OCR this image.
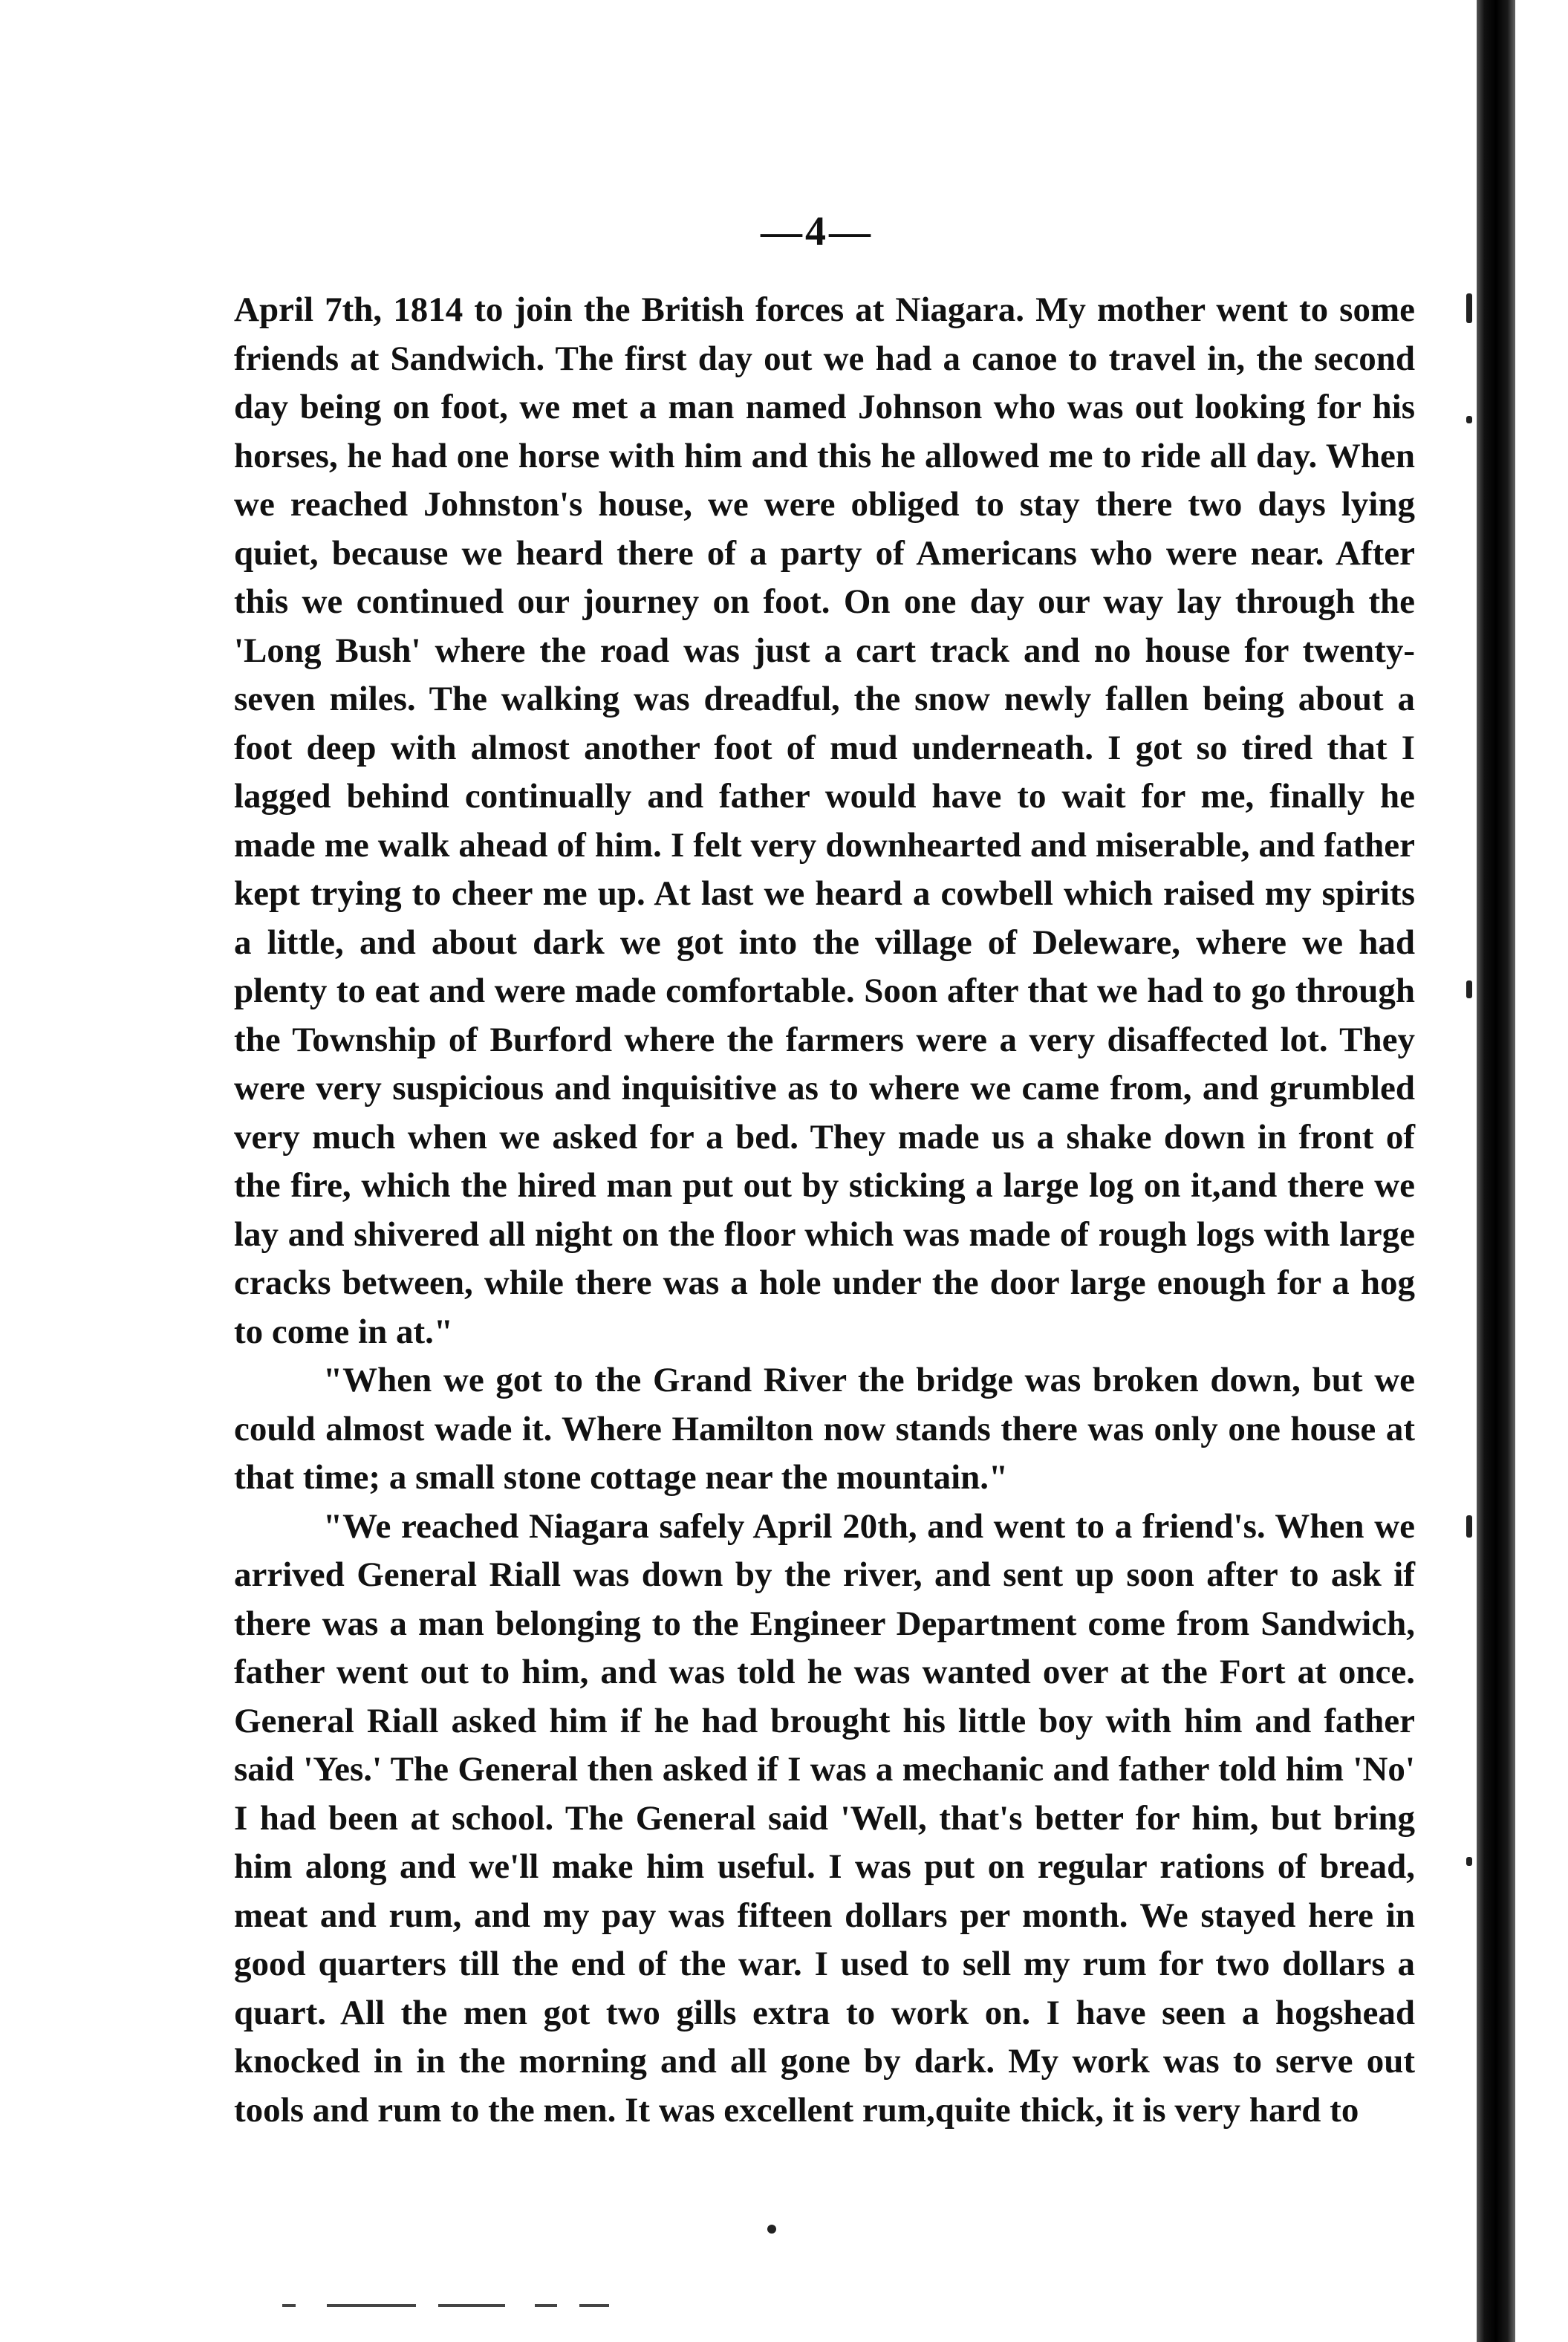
—4—

April 7th, 1814 to join the British forces at Niagara. My mother went to some friends at Sandwich. The first day out we had a canoe to travel in, the second day being on foot, we met a man named Johnson who was out looking for his horses, he had one horse with him and this he allowed me to ride all day. When we reached Johnston's house, we were obliged to stay there two days lying quiet, because we heard there of a party of Americans who were near. After this we continued our journey on foot. On one day our way lay through the 'Long Bush' where the road was just a cart track and no house for twenty-seven miles. The walking was dreadful, the snow newly fallen being about a foot deep with almost another foot of mud underneath. I got so tired that I lagged behind continually and father would have to wait for me, finally he made me walk ahead of him. I felt very downhearted and miserable, and father kept trying to cheer me up. At last we heard a cowbell which raised my spirits a little, and about dark we got into the village of Deleware, where we had plenty to eat and were made comfortable. Soon after that we had to go through the Township of Burford where the farmers were a very disaffected lot. They were very suspicious and inquisitive as to where we came from, and grumbled very much when we asked for a bed. They made us a shake down in front of the fire, which the hired man put out by sticking a large log on it,and there we lay and shivered all night on the floor which was made of rough logs with large cracks between, while there was a hole under the door large enough for a hog to come in at."

"When we got to the Grand River the bridge was broken down, but we could almost wade it. Where Hamilton now stands there was only one house at that time; a small stone cottage near the mountain."

"We reached Niagara safely April 20th, and went to a friend's. When we arrived General Riall was down by the river, and sent up soon after to ask if there was a man belonging to the Engineer Department come from Sandwich, father went out to him, and was told he was wanted over at the Fort at once. General Riall asked him if he had brought his little boy with him and father said 'Yes.' The General then asked if I was a mechanic and father told him 'No' I had been at school. The General said 'Well, that's better for him, but bring him along and we'll make him useful. I was put on regular rations of bread, meat and rum, and my pay was fifteen dollars per month. We stayed here in good quarters till the end of the war. I used to sell my rum for two dollars a quart. All the men got two gills extra to work on. I have seen a hogshead knocked in in the morning and all gone by dark. My work was to serve out tools and rum to the men. It was excellent rum,quite thick, it is very hard to
